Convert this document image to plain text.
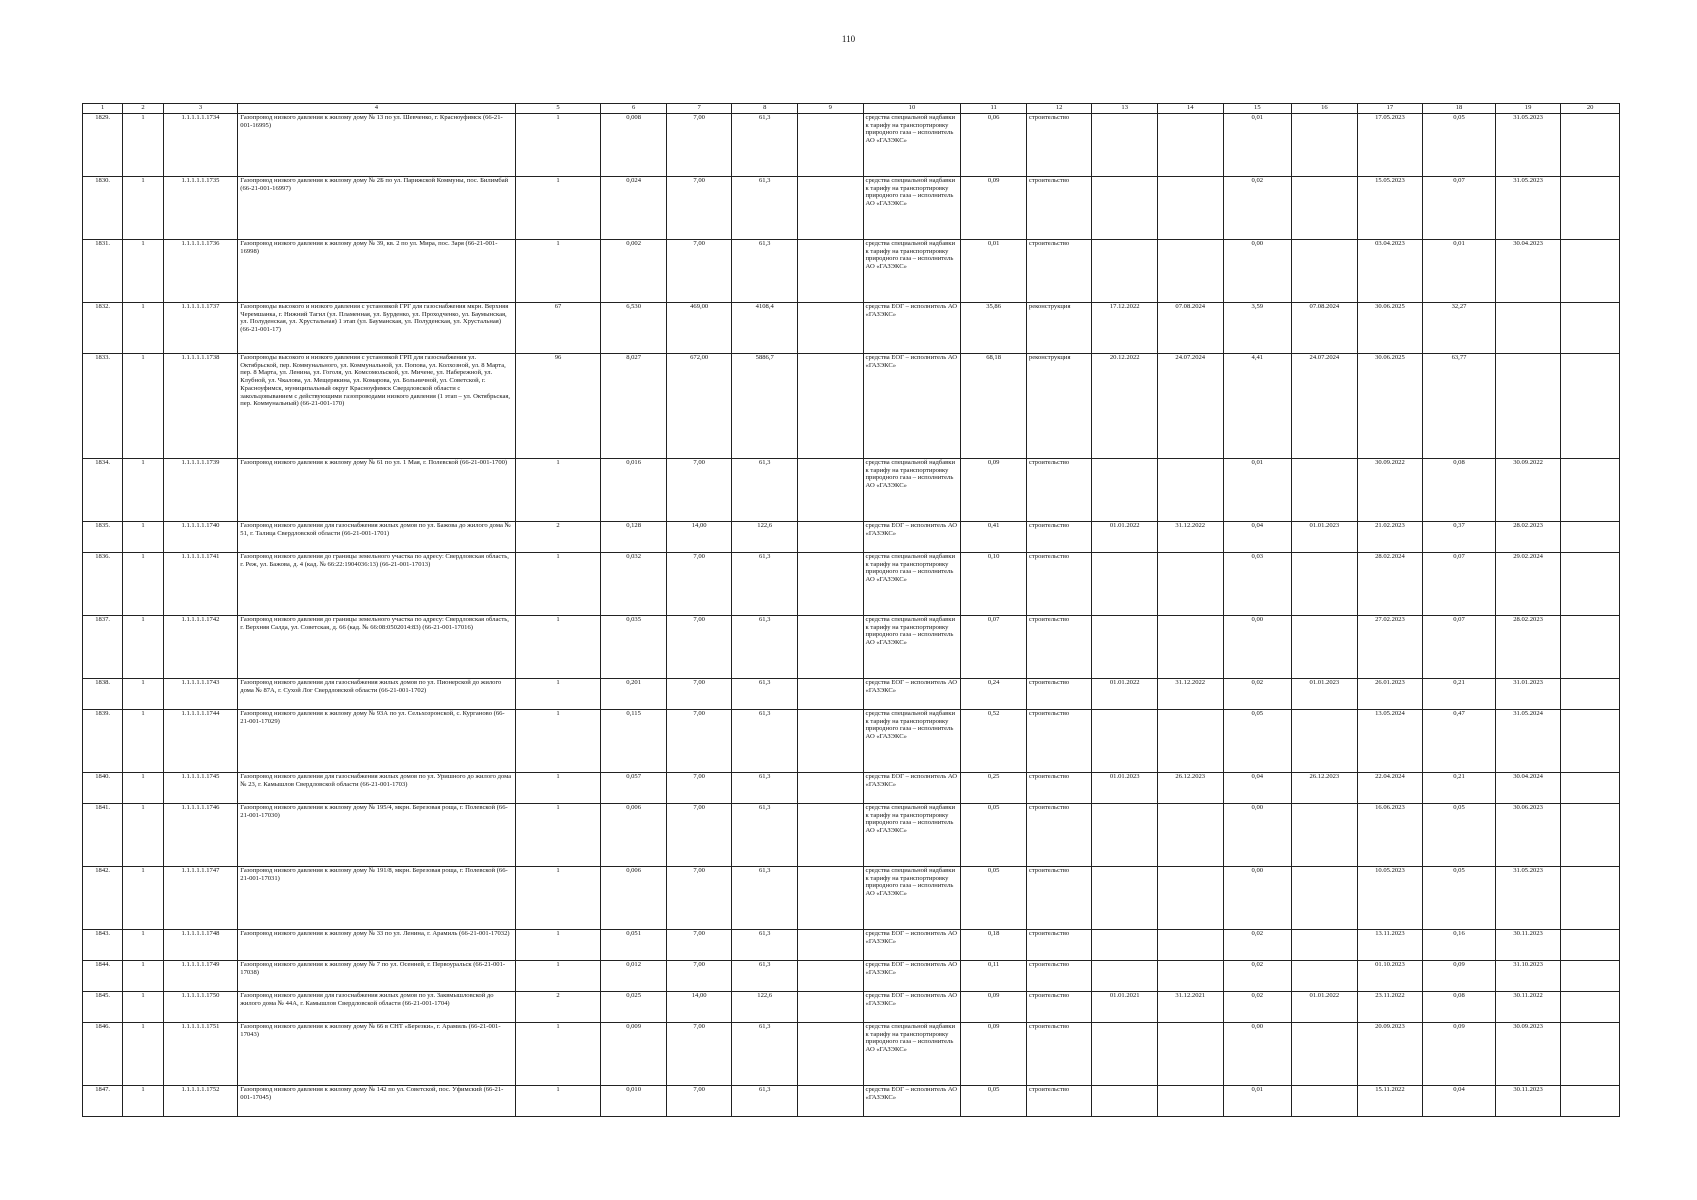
110
1	2	3	4	5	6	7	8	9	10	11	12	13	14	15	16	17	18	19	20
1829.	1	1.1.1.1.1.1734	Газопровод низкого давления к жилому дому № 13 по ул. Шевченко, г. Красноуфимск (66-21-001-16995)	1	0,008	7,00	61,3		средства специальной надбавки к тарифу на транспортировку природного газа – исполнитель АО «ГАЗЭКС»	0,06	строительство			0,01		17.05.2023	0,05	31.05.2023	
1830.	1	1.1.1.1.1.1735	Газопровод низкого давления к жилому дому № 2Б по ул. Парижской Коммуны, пос. Билимбай (66-21-001-16997)	1	0,024	7,00	61,3		средства специальной надбавки к тарифу на транспортировку природного газа – исполнитель АО «ГАЗЭКС»	0,09	строительство			0,02		15.05.2023	0,07	31.05.2023	
1831.	1	1.1.1.1.1.1736	Газопровод низкого давления к жилому дому № 39, кв. 2 по ул. Мира, пос. Заря (66-21-001-16998)	1	0,002	7,00	61,3		средства специальной надбавки к тарифу на транспортировку природного газа – исполнитель АО «ГАЗЭКС»	0,01	строительство			0,00		03.04.2023	0,01	30.04.2023	
1832.	1	1.1.1.1.1.1737	Газопроводы высокого и низкого давления с установкой ГРГ для газоснабжения мкрн. Верхняя Черемшанка, г. Нижний Тагил (ул. Пламенная, ул. Бурденко, ул. Проходченко, ул. Баумынская, ул. Полуденская, ул. Хрустальная) 1 этап (ул. Бауманская, ул. Полуденская, ул. Хрустальная) (66-21-001-17)	67	6,530	469,00	4108,4		средства ЕОГ – исполнитель АО «ГАЗЭКС»	35,86	реконструкция	17.12.2022	07.08.2024	3,59	07.08.2024	30.06.2025	32,27		
1833.	1	1.1.1.1.1.1738	Газопроводы высокого и низкого давления с установкой ГРП для газоснабжения ул. Октябрьской, пер. Коммунального, ул. Коммунальной, ул. Попова, ул. Колхозной, ул. 8 Марта, пер. 8 Марта, ул. Ленина, ул. Гоголя, ул. Комсомольской, ул. Мичене, ул. Набережной, ул. Клубной, ул. Чкалова, ул. Мещерякина, ул. Комарова, ул. Больничной, ул. Советской, г. Красноуфимск, муниципальный округ Красноуфимск Свердловской области с закольцовыванием с действующими газопроводами низкого давления (1 этап – ул. Октябрьская, пер. Коммунальный) (66-21-001-170)	96	8,027	672,00	5886,7		средства ЕОГ – исполнитель АО «ГАЗЭКС»	68,18	реконструкция	20.12.2022	24.07.2024	4,41	24.07.2024	30.06.2025	63,77		
1834.	1	1.1.1.1.1.1739	Газопровод низкого давления к жилому дому № 61 по ул. 1 Мая, г. Полевской (66-21-001-1700)	1	0,016	7,00	61,3		средства специальной надбавки к тарифу на транспортировку природного газа – исполнитель АО «ГАЗЭКС»	0,09	строительство			0,01		30.09.2022	0,08	30.09.2022	
1835.	1	1.1.1.1.1.1740	Газопровод низкого давления для газоснабжения жилых домов по ул. Бажова до жилого дома № 51, г. Талица Свердловской области (66-21-001-1701)	2	0,128	14,00	122,6		средства ЕОГ – исполнитель АО «ГАЗЭКС»	0,41	строительство	01.01.2022	31.12.2022	0,04	01.01.2023	21.02.2023	0,37	28.02.2023	
1836.	1	1.1.1.1.1.1741	Газопровод низкого давления до границы земельного участка по адресу: Свердловская область, г. Реж, ул. Бажова, д. 4 (кад. № 66:22:1904036:13) (66-21-001-17013)	1	0,032	7,00	61,3		средства специальной надбавки к тарифу на транспортировку природного газа – исполнитель АО «ГАЗЭКС»	0,10	строительство			0,03		28.02.2024	0,07	29.02.2024	
1837.	1	1.1.1.1.1.1742	Газопровод низкого давления до границы земельного участка по адресу: Свердловская область, г. Верхняя Салда, ул. Советская, д. 66 (кад. № 66:08:0502014:83) (66-21-001-17016)	1	0,035	7,00	61,3		средства специальной надбавки к тарифу на транспортировку природного газа – исполнитель АО «ГАЗЭКС»	0,07	строительство			0,00		27.02.2023	0,07	28.02.2023	
1838.	1	1.1.1.1.1.1743	Газопровод низкого давления для газоснабжения жилых домов по ул. Пионерской до жилого дома № 87А, г. Сухой Лог Свердловской области (66-21-001-1702)	1	0,201	7,00	61,3		средства ЕОГ – исполнитель АО «ГАЗЭКС»	0,24	строительство	01.01.2022	31.12.2022	0,02	01.01.2023	26.01.2023	0,21	31.01.2023	
1839.	1	1.1.1.1.1.1744	Газопровод низкого давления к жилому дому № 93А по ул. Сельхозронской, с. Курганово (66-21-001-17029)	1	0,115	7,00	61,3		средства специальной надбавки к тарифу на транспортировку природного газа – исполнитель АО «ГАЗЭКС»	0,52	строительство			0,05		13.05.2024	0,47	31.05.2024	
1840.	1	1.1.1.1.1.1745	Газопровод низкого давления для газоснабжения жилых домов по ул. Уришного до жилого дома № 23, г. Камышлов Свердловской области (66-21-001-1703)	1	0,057	7,00	61,3		средства ЕОГ – исполнитель АО «ГАЗЭКС»	0,25	строительство	01.01.2023	26.12.2023	0,04	26.12.2023	22.04.2024	0,21	30.04.2024	
1841.	1	1.1.1.1.1.1746	Газопровод низкого давления к жилому дому № 195/4, мкрн. Березовая роща, г. Полевской (66-21-001-17030)	1	0,006	7,00	61,3		средства специальной надбавки к тарифу на транспортировку природного газа – исполнитель АО «ГАЗЭКС»	0,05	строительство			0,00		16.06.2023	0,05	30.06.2023	
1842.	1	1.1.1.1.1.1747	Газопровод низкого давления к жилому дому № 191/8, мкрн. Березовая роща, г. Полевской (66-21-001-17031)	1	0,006	7,00	61,3		средства специальной надбавки к тарифу на транспортировку природного газа – исполнитель АО «ГАЗЭКС»	0,05	строительство			0,00		10.05.2023	0,05	31.05.2023	
1843.	1	1.1.1.1.1.1748	Газопровод низкого давления к жилому дому № 33 по ул. Ленина, г. Арамиль (66-21-001-17032)	1	0,051	7,00	61,3		средства ЕОГ – исполнитель АО «ГАЗЭКС»	0,18	строительство			0,02		13.11.2023	0,16	30.11.2023	
1844.	1	1.1.1.1.1.1749	Газопровод низкого давления к жилому дому № 7 по ул. Осенней, г. Первоуральск (66-21-001-17038)	1	0,012	7,00	61,3		средства ЕОГ – исполнитель АО «ГАЗЭКС»	0,11	строительство			0,02		01.10.2023	0,09	31.10.2023	
1845.	1	1.1.1.1.1.1750	Газопровод низкого давления для газоснабжения жилых домов по ул. Заквмышловской до жилого дома № 44А, г. Камышлов Свердловской области (66-21-001-1704)	2	0,025	14,00	122,6		средства ЕОГ – исполнитель АО «ГАЗЭКС»	0,09	строительство	01.01.2021	31.12.2021	0,02	01.01.2022	23.11.2022	0,08	30.11.2022	
1846.	1	1.1.1.1.1.1751	Газопровод низкого давления к жилому дому № 66 в СНТ «Березки», г. Арамиль (66-21-001-17043)	1	0,009	7,00	61,3		средства специальной надбавки к тарифу на транспортировку природного газа – исполнитель АО «ГАЗЭКС»	0,09	строительство			0,00		20.09.2023	0,09	30.09.2023	
1847.	1	1.1.1.1.1.1752	Газопровод низкого давления к жилому дому № 142 по ул. Советской, пос. Уфимский (66-21-001-17045)	1	0,010	7,00	61,3		средства ЕОГ – исполнитель АО «ГАЗЭКС»	0,05	строительство			0,01		15.11.2022	0,04	30.11.2023	
